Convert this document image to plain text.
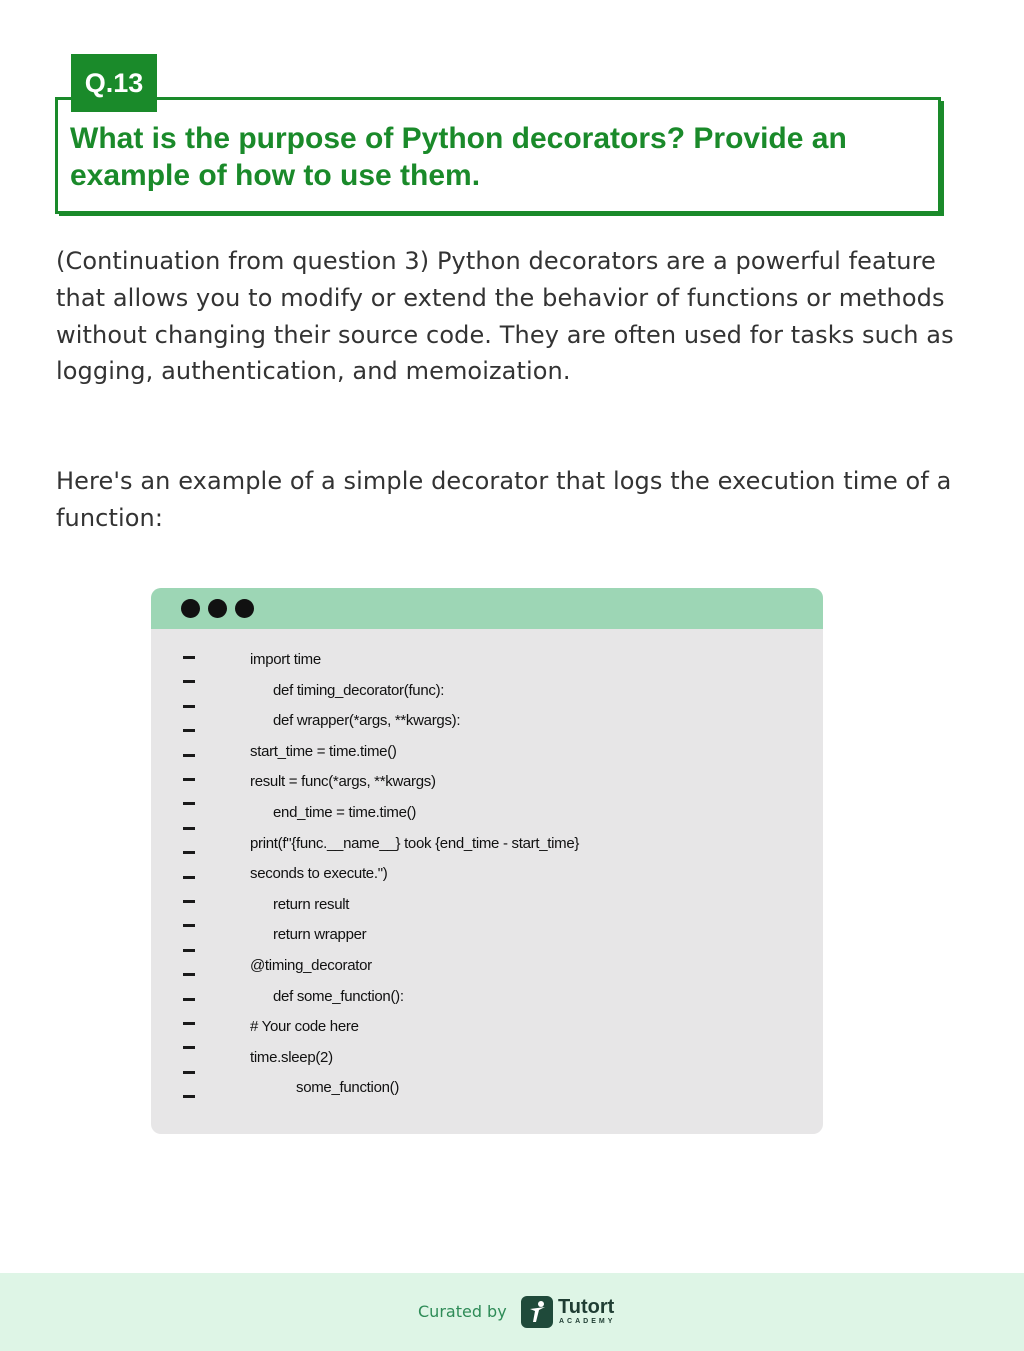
Q.13

What is the purpose of Python decorators? Provide an example of how to use them.

(Continuation from question 3) Python decorators are a powerful feature that allows you to modify or extend the behavior of functions or methods without changing their source code. They are often used for tasks such as logging, authentication, and memoization.

Here's an example of a simple decorator that logs the execution time of a function:

import time
def timing_decorator(func):
def wrapper(*args, **kwargs):
start_time = time.time()
result = func(*args, **kwargs)
end_time = time.time()
print(f"{func.__name__} took {end_time - start_time}
seconds to execute.")
return result
return wrapper
@timing_decorator
def some_function():
# Your code here
time.sleep(2)
some_function()
Curated by	Tutort
ACADEMY
